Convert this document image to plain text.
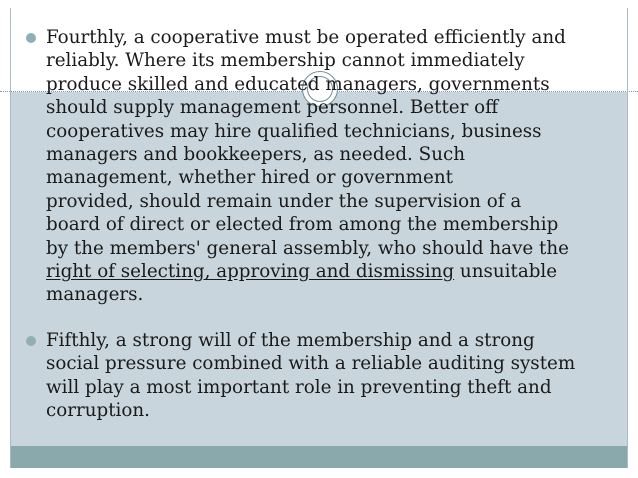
Fourthly, a cooperative must be operated efficiently and
reliably. Where its membership cannot immediately
produce skilled and educated managers, governments
should supply management personnel. Better off
cooperatives may hire qualified technicians, business
managers and bookkeepers, as needed. Such
management, whether hired or government
provided, should remain under the supervision of a
board of direct or elected from among the membership
by the members' general assembly, who should have the
right of selecting, approving and dismissing unsuitable
managers.
Fifthly, a strong will of the membership and a strong
social pressure combined with a reliable auditing system
will play a most important role in preventing theft and
corruption.
